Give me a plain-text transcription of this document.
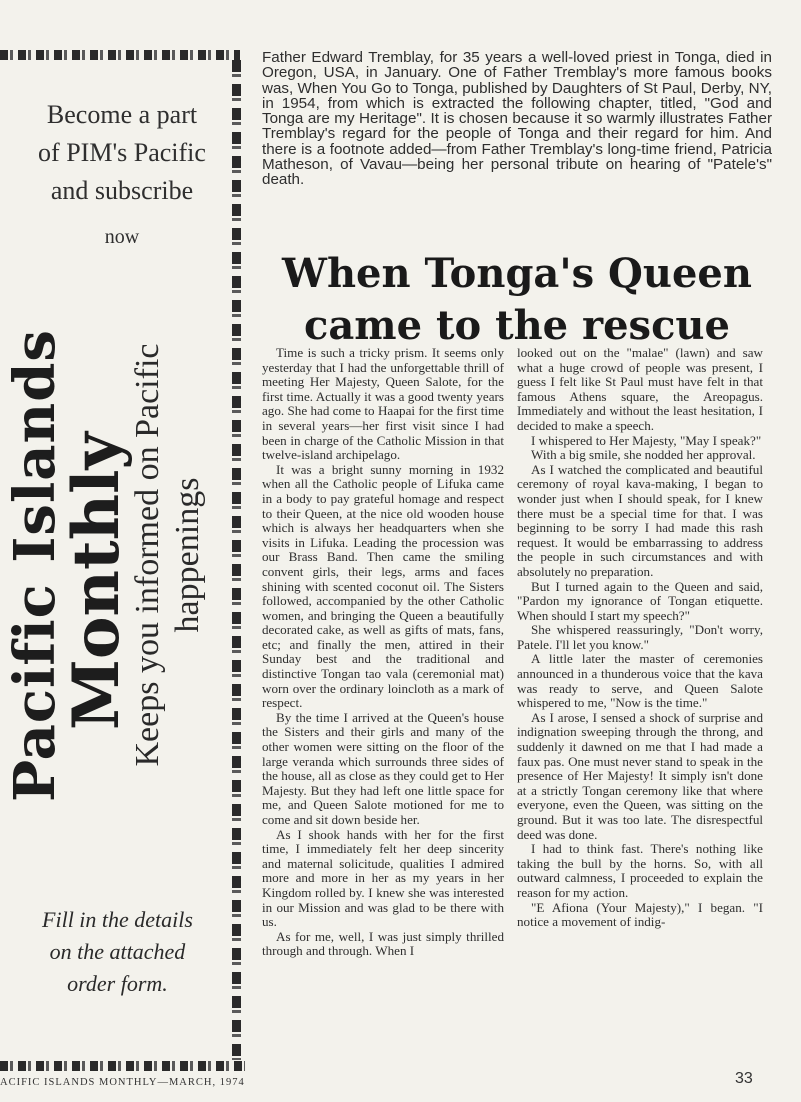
Become a part
of PIM's Pacific
and subscribe
now
Pacific Islands
Monthly
Keeps you informed on Pacific
happenings

Fill in the details
on the attached
order form.

Father Edward Tremblay, for 35 years a well-loved priest in Tonga, died in Oregon, USA, in January. One of Father Tremblay's more famous books was, When You Go to Tonga, published by Daughters of St Paul, Derby, NY, in 1954, from which is extracted the following chapter, titled, "God and Tonga are my Heritage". It is chosen because it so warmly illustrates Father Tremblay's regard for the people of Tonga and their regard for him. And there is a footnote added—from Father Tremblay's long-time friend, Patricia Matheson, of Vavau—being her personal tribute on hearing of "Patele's" death.

When Tonga's Queen
came to the rescue

Time is such a tricky prism. It seems only yesterday that I had the unforgettable thrill of meeting Her Majesty, Queen Salote, for the first time. Actually it was a good twenty years ago. She had come to Haapai for the first time in several years—her first visit since I had been in charge of the Catholic Mission in that twelve-island archipelago.

It was a bright sunny morning in 1932 when all the Catholic people of Lifuka came in a body to pay grateful homage and respect to their Queen, at the nice old wooden house which is always her headquarters when she visits in Lifuka. Leading the procession was our Brass Band. Then came the smiling convent girls, their legs, arms and faces shining with scented coconut oil. The Sisters followed, accompanied by the other Catholic women, and bringing the Queen a beautifully decorated cake, as well as gifts of mats, fans, etc; and finally the men, attired in their Sunday best and the traditional and distinctive Tongan tao vala (ceremonial mat) worn over the ordinary loincloth as a mark of respect.

By the time I arrived at the Queen's house the Sisters and their girls and many of the other women were sitting on the floor of the large veranda which surrounds three sides of the house, all as close as they could get to Her Majesty. But they had left one little space for me, and Queen Salote motioned for me to come and sit down beside her.

As I shook hands with her for the first time, I immediately felt her deep sincerity and maternal solicitude, qualities I admired more and more in her as my years in her Kingdom rolled by. I knew she was interested in our Mission and was glad to be there with us.

As for me, well, I was just simply thrilled through and through. When I

looked out on the "malae" (lawn) and saw what a huge crowd of people was present, I guess I felt like St Paul must have felt in that famous Athens square, the Areopagus. Immediately and without the least hesitation, I decided to make a speech.

I whispered to Her Majesty, "May I speak?"

With a big smile, she nodded her approval.

As I watched the complicated and beautiful ceremony of royal kava-making, I began to wonder just when I should speak, for I knew there must be a special time for that. I was beginning to be sorry I had made this rash request. It would be embarrassing to address the people in such circumstances and with absolutely no preparation.

But I turned again to the Queen and said, "Pardon my ignorance of Tongan etiquette. When should I start my speech?"

She whispered reassuringly, "Don't worry, Patele. I'll let you know."

A little later the master of ceremonies announced in a thunderous voice that the kava was ready to serve, and Queen Salote whispered to me, "Now is the time."

As I arose, I sensed a shock of surprise and indignation sweeping through the throng, and suddenly it dawned on me that I had made a faux pas. One must never stand to speak in the presence of Her Majesty! It simply isn't done at a strictly Tongan ceremony like that where everyone, even the Queen, was sitting on the ground. But it was too late. The disrespectful deed was done.

I had to think fast. There's nothing like taking the bull by the horns. So, with all outward calmness, I proceeded to explain the reason for my action.

"E Afiona (Your Majesty)," I began. "I notice a movement of indig-

ACIFIC ISLANDS MONTHLY—MARCH, 1974	33
